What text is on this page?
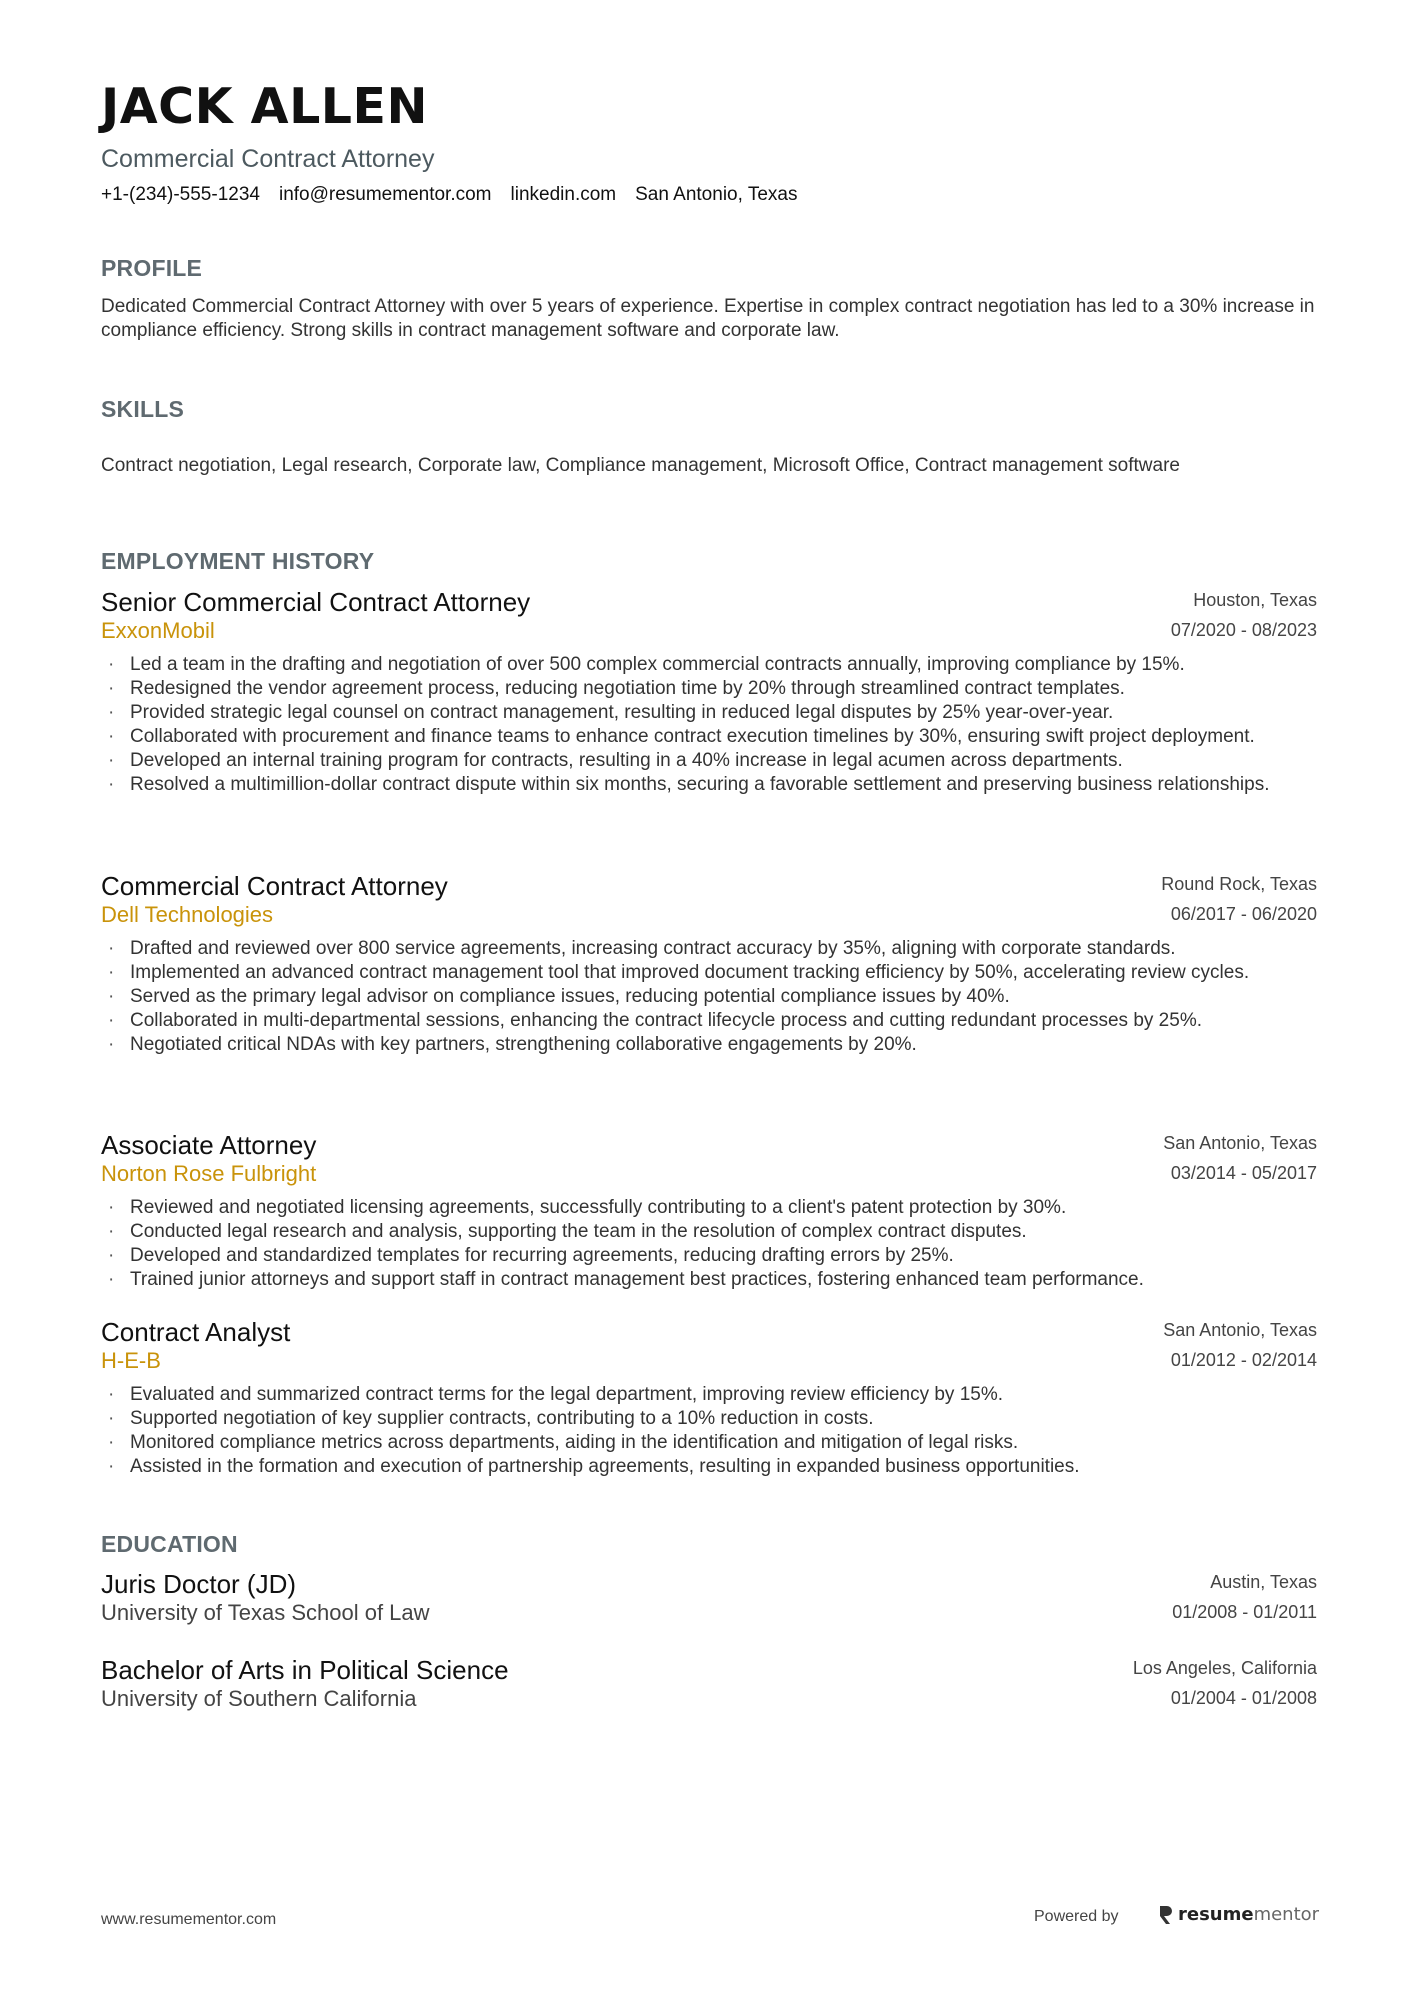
JACK ALLEN
Commercial Contract Attorney
+1-(234)-555-1234 info@resumementor.com linkedin.com San Antonio, Texas
PROFILE
Dedicated Commercial Contract Attorney with over 5 years of experience. Expertise in complex contract negotiation has led to a 30% increase in compliance efficiency. Strong skills in contract management software and corporate law.
SKILLS
Contract negotiation, Legal research, Corporate law, Compliance management, Microsoft Office, Contract management software
EMPLOYMENT HISTORY
Senior Commercial Contract Attorney
ExxonMobil
Houston, Texas
07/2020 - 08/2023
· Led a team in the drafting and negotiation of over 500 complex commercial contracts annually, improving compliance by 15%.
· Redesigned the vendor agreement process, reducing negotiation time by 20% through streamlined contract templates.
· Provided strategic legal counsel on contract management, resulting in reduced legal disputes by 25% year-over-year.
· Collaborated with procurement and finance teams to enhance contract execution timelines by 30%, ensuring swift project deployment.
· Developed an internal training program for contracts, resulting in a 40% increase in legal acumen across departments.
· Resolved a multimillion-dollar contract dispute within six months, securing a favorable settlement and preserving business relationships.
Commercial Contract Attorney
Dell Technologies
Round Rock, Texas
06/2017 - 06/2020
· Drafted and reviewed over 800 service agreements, increasing contract accuracy by 35%, aligning with corporate standards.
· Implemented an advanced contract management tool that improved document tracking efficiency by 50%, accelerating review cycles.
· Served as the primary legal advisor on compliance issues, reducing potential compliance issues by 40%.
· Collaborated in multi-departmental sessions, enhancing the contract lifecycle process and cutting redundant processes by 25%.
· Negotiated critical NDAs with key partners, strengthening collaborative engagements by 20%.
Associate Attorney
Norton Rose Fulbright
San Antonio, Texas
03/2014 - 05/2017
· Reviewed and negotiated licensing agreements, successfully contributing to a client's patent protection by 30%.
· Conducted legal research and analysis, supporting the team in the resolution of complex contract disputes.
· Developed and standardized templates for recurring agreements, reducing drafting errors by 25%.
· Trained junior attorneys and support staff in contract management best practices, fostering enhanced team performance.
Contract Analyst
H-E-B
San Antonio, Texas
01/2012 - 02/2014
· Evaluated and summarized contract terms for the legal department, improving review efficiency by 15%.
· Supported negotiation of key supplier contracts, contributing to a 10% reduction in costs.
· Monitored compliance metrics across departments, aiding in the identification and mitigation of legal risks.
· Assisted in the formation and execution of partnership agreements, resulting in expanded business opportunities.
EDUCATION
Juris Doctor (JD)
University of Texas School of Law
Austin, Texas
01/2008 - 01/2011
Bachelor of Arts in Political Science
University of Southern California
Los Angeles, California
01/2004 - 01/2008
www.resumementor.com	Powered by	resumementor
